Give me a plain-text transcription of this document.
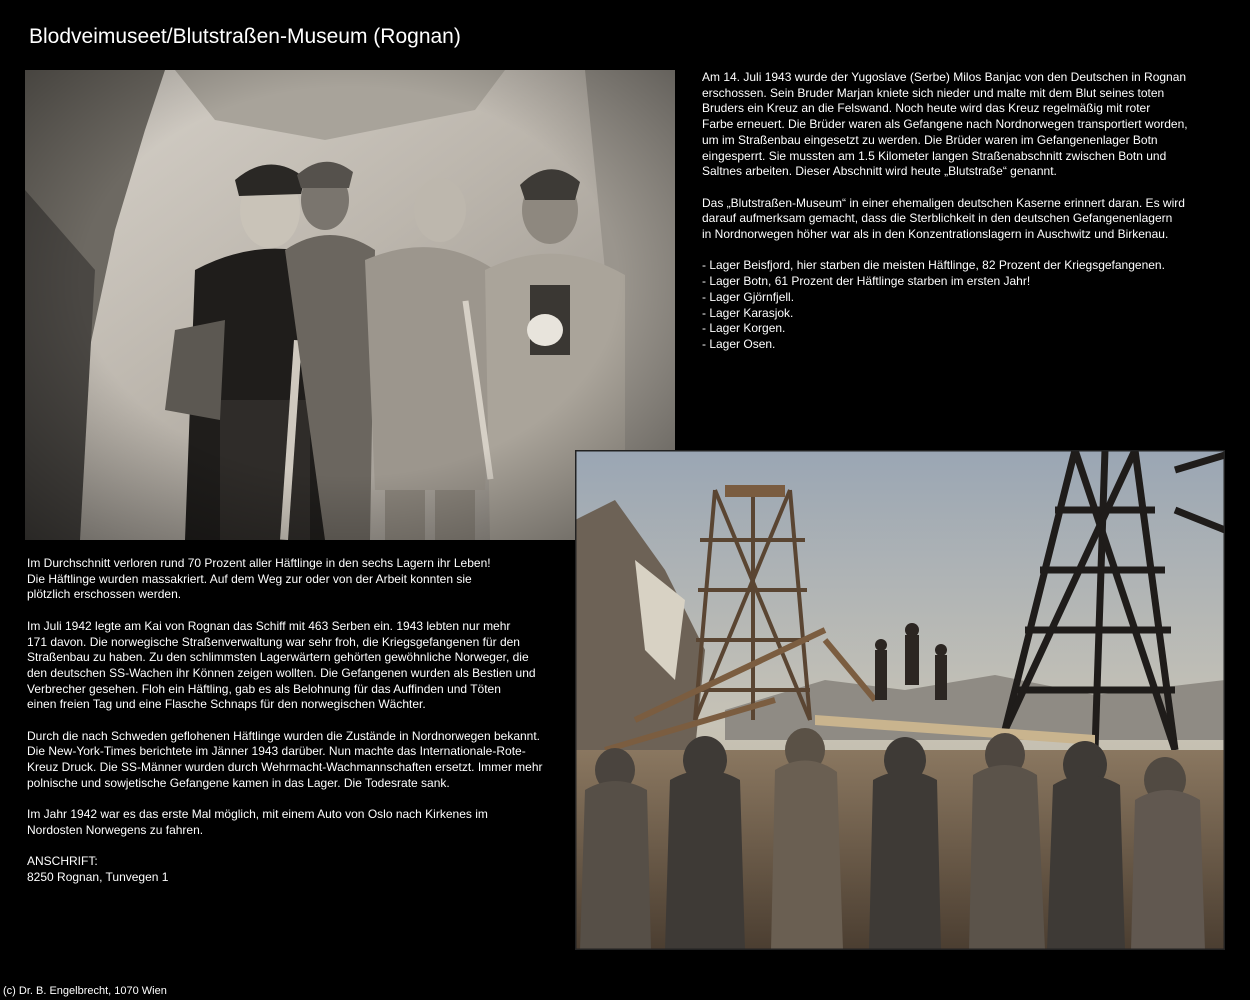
Blodveimuseet/Blutstraßen-Museum (Rognan)

Am 14. Juli 1943 wurde der Yugoslave (Serbe) Milos Banjac von den Deutschen in Rognan
erschossen. Sein Bruder Marjan kniete sich nieder und malte mit dem Blut seines toten
Bruders ein Kreuz an die Felswand. Noch heute wird das Kreuz regelmäßig mit roter
Farbe erneuert. Die Brüder waren als Gefangene nach Nordnorwegen transportiert worden,
um im Straßenbau eingesetzt zu werden. Die Brüder waren im Gefangenenlager Botn
eingesperrt. Sie mussten am 1.5 Kilometer langen Straßenabschnitt zwischen Botn und
Saltnes arbeiten. Dieser Abschnitt wird heute „Blutstraße“ genannt.

Das „Blutstraßen-Museum“ in einer ehemaligen deutschen Kaserne erinnert daran. Es wird
darauf aufmerksam gemacht, dass die Sterblichkeit in den deutschen Gefangenenlagern
in Nordnorwegen höher war als in den Konzentrationslagern in Auschwitz und Birkenau.

- Lager Beisfjord, hier starben die meisten Häftlinge, 82 Prozent der Kriegsgefangenen.
- Lager Botn, 61 Prozent der Häftlinge starben im ersten Jahr!
- Lager Gjörnfjell.
- Lager Karasjok.
- Lager Korgen.
- Lager Osen.

Im Durchschnitt verloren rund 70 Prozent aller Häftlinge in den sechs Lagern ihr Leben!
Die Häftlinge wurden massakriert. Auf dem Weg zur oder von der Arbeit konnten sie
plötzlich erschossen werden.

Im Juli 1942 legte am Kai von Rognan das Schiff mit 463 Serben ein. 1943 lebten nur mehr
171 davon. Die norwegische Straßenverwaltung war sehr froh, die Kriegsgefangenen für den
Straßenbau zu haben. Zu den schlimmsten Lagerwärtern gehörten gewöhnliche Norweger, die
den deutschen SS-Wachen ihr Können zeigen wollten. Die Gefangenen wurden als Bestien und
Verbrecher gesehen. Floh ein Häftling, gab es als Belohnung für das Auffinden und Töten
einen freien Tag und eine Flasche Schnaps für den norwegischen Wächter.

Durch die nach Schweden geflohenen Häftlinge wurden die Zustände in Nordnorwegen bekannt.
Die New-York-Times berichtete im Jänner 1943 darüber. Nun machte das Internationale-Rote-
Kreuz Druck. Die SS-Männer wurden durch Wehrmacht-Wachmannschaften ersetzt. Immer mehr
polnische und sowjetische Gefangene kamen in das Lager. Die Todesrate sank.

Im Jahr 1942 war es das erste Mal möglich, mit einem Auto von Oslo nach Kirkenes im
Nordosten Norwegens zu fahren.

ANSCHRIFT:
8250 Rognan, Tunvegen 1

(c) Dr. B. Engelbrecht, 1070 Wien
